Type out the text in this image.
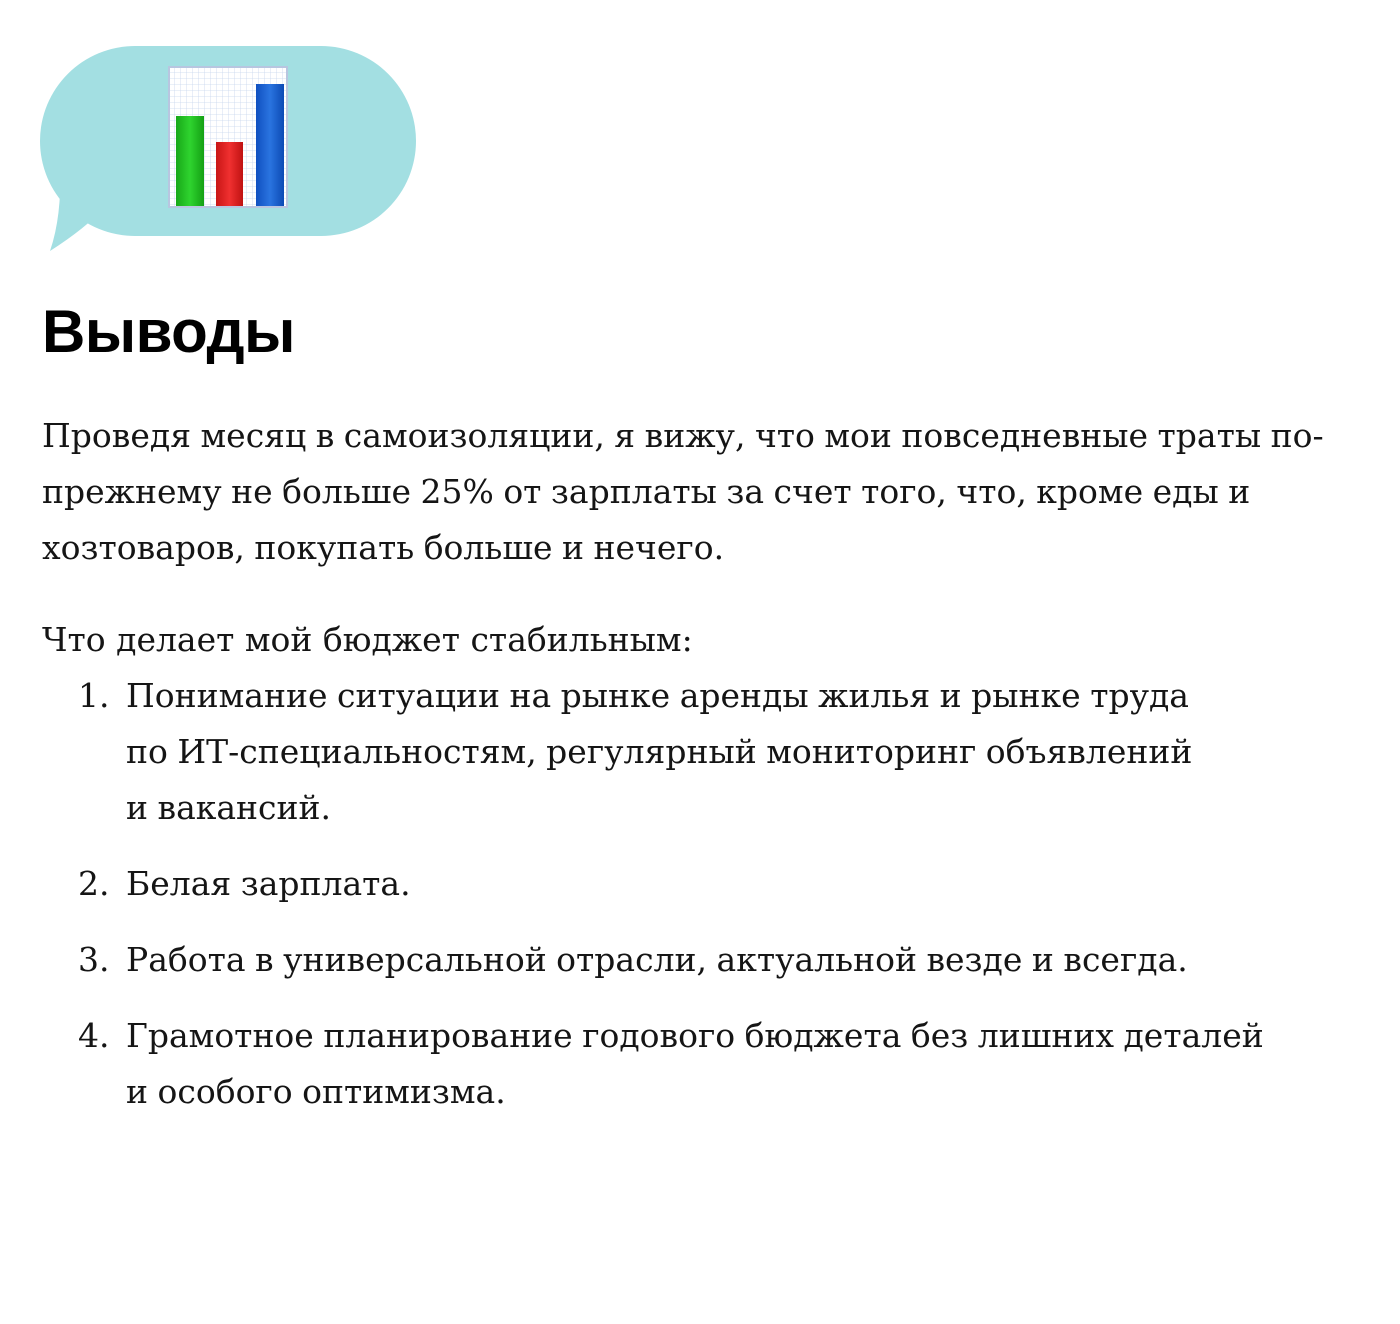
Выводы

Проведя месяц в самоизоляции, я вижу, что мои повседневные траты по-прежнему не больше 25% от зарплаты за счет того, что, кроме еды и хозтоваров, покупать больше и нечего.

Что делает мой бюджет стабильным:

1. Понимание ситуации на рынке аренды жилья и рынке труда
по ИТ-специальностям, регулярный мониторинг объявлений
и вакансий.
2. Белая зарплата.
3. Работа в универсальной отрасли, актуальной везде и всегда.
4. Грамотное планирование годового бюджета без лишних деталей
и особого оптимизма.
